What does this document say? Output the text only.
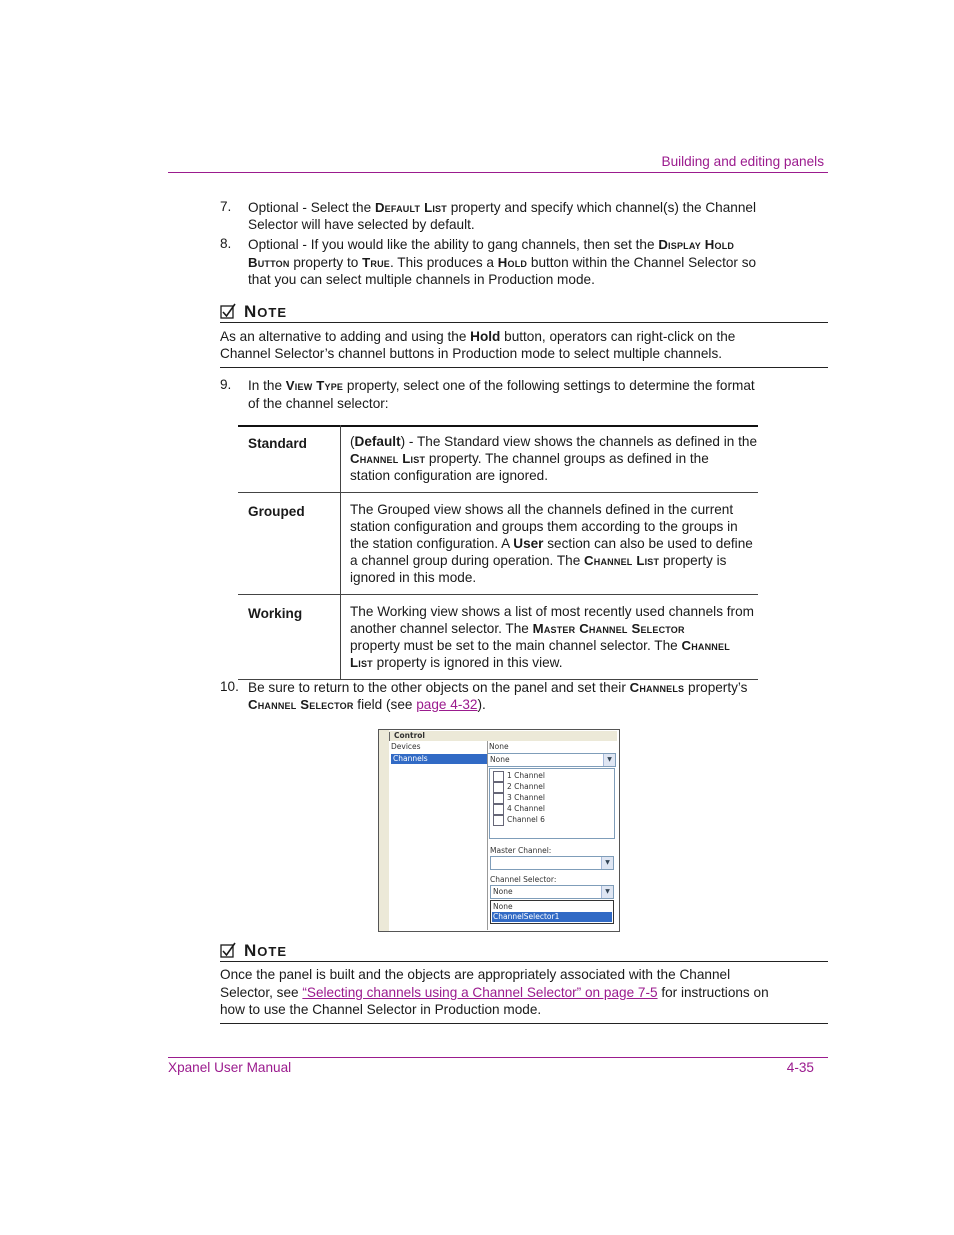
Building and editing panels
7. Optional - Select the Default List property and specify which channel(s) the Channel
Selector will have selected by default.
8. Optional - If you would like the ability to gang channels, then set the Display Hold
Button property to True. This produces a Hold button within the Channel Selector so
that you can select multiple channels in Production mode.
NOTE
As an alternative to adding and using the Hold button, operators can right-click on the
Channel Selector’s channel buttons in Production mode to select multiple channels.
9. In the View Type property, select one of the following settings to determine the format
of the channel selector:
Standard	(Default) - The Standard view shows the channels as defined in the
Channel List property. The channel groups as defined in the
station configuration are ignored.
Grouped	The Grouped view shows all the channels defined in the current
station configuration and groups them according to the groups in
the station configuration. A User section can also be used to define
a channel group during operation. The Channel List property is
ignored in this mode.
Working	The Working view shows a list of most recently used channels from
another channel selector. The Master Channel Selector
property must be set to the main channel selector. The Channel
List property is ignored in this view.
10. Be sure to return to the other objects on the panel and set their Channels property’s
Channel Selector field (see page 4-32).
Control
Devices	None
Channels	None	▼
1 Channel
2 Channel
3 Channel
4 Channel
Channel 6
Master Channel:
▼
Channel Selector:
None	▼
None
ChannelSelector1
NOTE
Once the panel is built and the objects are appropriately associated with the Channel
Selector, see “Selecting channels using a Channel Selector” on page 7-5 for instructions on
how to use the Channel Selector in Production mode.
Xpanel User Manual	4-35
